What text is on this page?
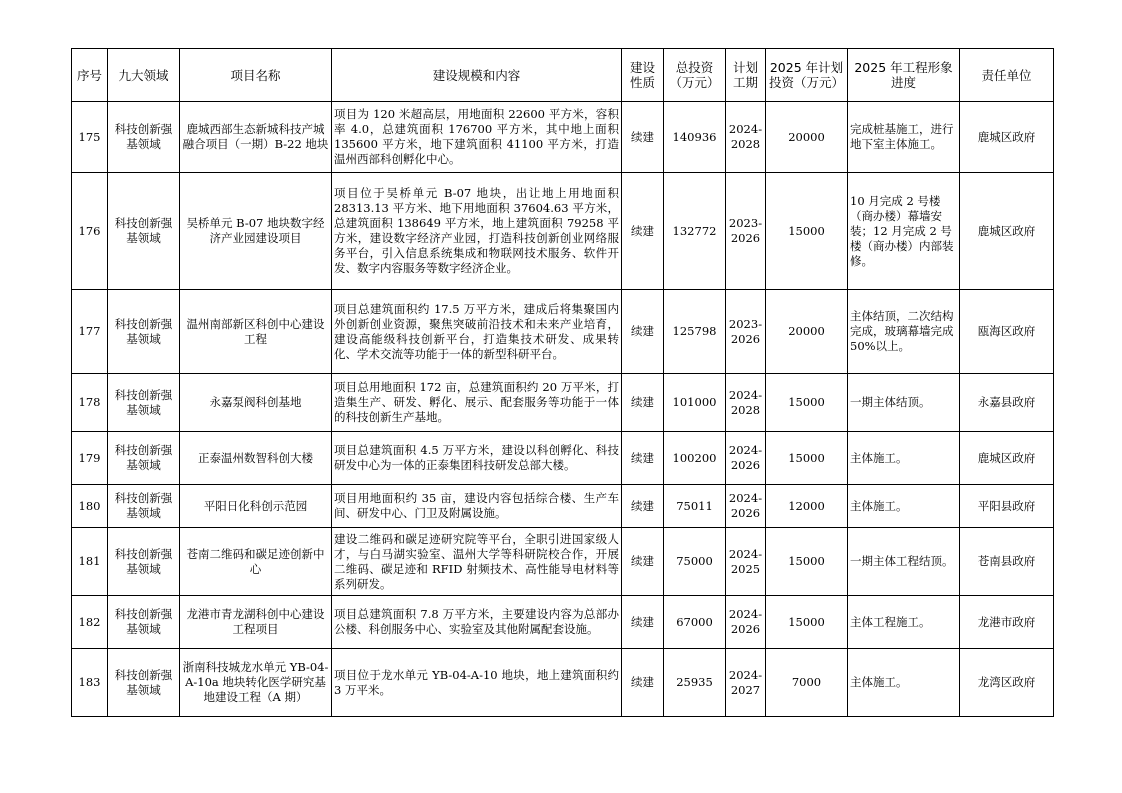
序号	九大领域	项目名称	建设规模和内容	建设性质	总投资（万元）	计划工期	2025 年计划投资（万元）	2025 年工程形象进度	责任单位
175	科技创新强基领域	鹿城西部生态新城科技产城融合项目（一期）B-22 地块	项目为 120 米超高层，用地面积 22600 平方米，容积率 4.0，总建筑面积 176700 平方米，其中地上面积 135600 平方米，地下建筑面积 41100 平方米，打造温州西部科创孵化中心。	续建	140936	2024-2028	20000	完成桩基施工，进行地下室主体施工。	鹿城区政府
176	科技创新强基领域	吴桥单元 B-07 地块数字经济产业园建设项目	项目位于吴桥单元 B-07 地块，出让地上用地面积 28313.13 平方米、地下用地面积 37604.63 平方米，总建筑面积 138649 平方米，地上建筑面积 79258 平方米，建设数字经济产业园，打造科技创新创业网络服务平台，引入信息系统集成和物联网技术服务、软件开发、数字内容服务等数字经济企业。	续建	132772	2023-2026	15000	10 月完成 2 号楼（商办楼）幕墙安装；12 月完成 2 号楼（商办楼）内部装修。	鹿城区政府
177	科技创新强基领域	温州南部新区科创中心建设工程	项目总建筑面积约 17.5 万平方米，建成后将集聚国内外创新创业资源，聚焦突破前沿技术和未来产业培育，建设高能级科技创新平台，打造集技术研发、成果转化、学术交流等功能于一体的新型科研平台。	续建	125798	2023-2026	20000	主体结顶，二次结构完成，玻璃幕墙完成 50%以上。	瓯海区政府
178	科技创新强基领域	永嘉泵阀科创基地	项目总用地面积 172 亩，总建筑面积约 20 万平米，打造集生产、研发、孵化、展示、配套服务等功能于一体的科技创新生产基地。	续建	101000	2024-2028	15000	一期主体结顶。	永嘉县政府
179	科技创新强基领域	正泰温州数智科创大楼	项目总建筑面积 4.5 万平方米，建设以科创孵化、科技研发中心为一体的正泰集团科技研发总部大楼。	续建	100200	2024-2026	15000	主体施工。	鹿城区政府
180	科技创新强基领域	平阳日化科创示范园	项目用地面积约 35 亩，建设内容包括综合楼、生产车间、研发中心、门卫及附属设施。	续建	75011	2024-2026	12000	主体施工。	平阳县政府
181	科技创新强基领域	苍南二维码和碳足迹创新中心	建设二维码和碳足迹研究院等平台，全职引进国家级人才，与白马湖实验室、温州大学等科研院校合作，开展二维码、碳足迹和 RFID 射频技术、高性能导电材料等系列研发。	续建	75000	2024-2025	15000	一期主体工程结顶。	苍南县政府
182	科技创新强基领域	龙港市青龙湖科创中心建设工程项目	项目总建筑面积 7.8 万平方米，主要建设内容为总部办公楼、科创服务中心、实验室及其他附属配套设施。	续建	67000	2024-2026	15000	主体工程施工。	龙港市政府
183	科技创新强基领域	浙南科技城龙水单元 YB-04-A-10a 地块转化医学研究基地建设工程（A 期）	项目位于龙水单元 YB-04-A-10 地块，地上建筑面积约 3 万平米。	续建	25935	2024-2027	7000	主体施工。	龙湾区政府
